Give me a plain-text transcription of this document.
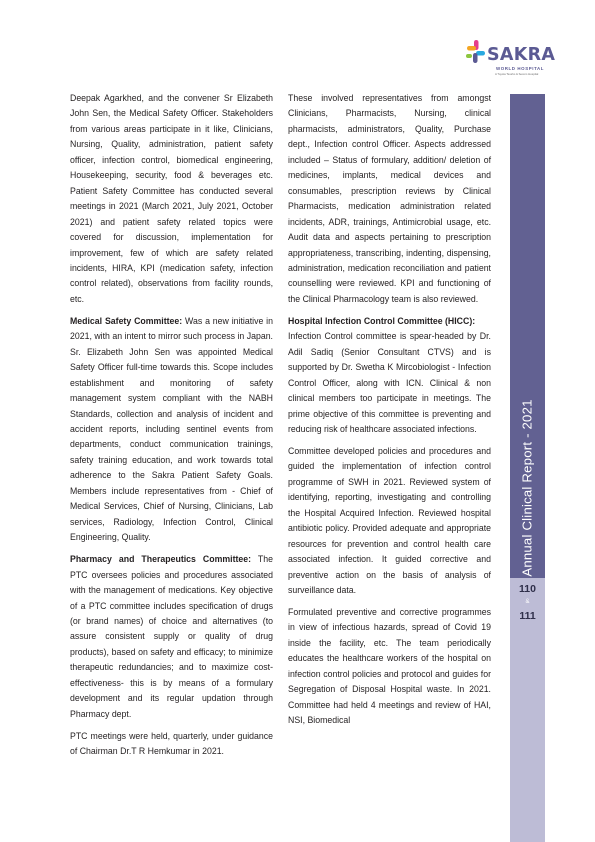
SAKRA
WORLD HOSPITAL
A Toyota Tsusho & Secom Hospital

Deepak Agarkhed, and the convener Sr Elizabeth John Sen, the Medical Safety Officer. Stakeholders from various areas participate in it like, Clinicians, Nursing, Quality, administration, patient safety officer, infection control, biomedical engineering, Housekeeping, security, food & beverages etc. Patient Safety Committee has conducted several meetings in 2021 (March 2021, July 2021, October 2021) and patient safety related topics were covered for discussion, implementation for improvement, few of which are safety related incidents, HIRA, KPI (medication safety, infection control related), observations from facility rounds, etc.

Medical Safety Committee: Was a new initiative in 2021, with an intent to mirror such process in Japan. Sr. Elizabeth John Sen was appointed Medical Safety Officer full-time towards this. Scope includes establishment and monitoring of safety management system compliant with the NABH Standards, collection and analysis of incident and accident reports, including sentinel events from departments, conduct communication trainings, safety training education, and work towards total adherence to the Sakra Patient Safety Goals. Members include representatives from - Chief of Medical Services, Chief of Nursing, Clinicians, Lab services, Radiology, Infection Control, Clinical Engineering, Quality.

Pharmacy and Therapeutics Committee: The PTC oversees policies and procedures associated with the management of medications. Key objective of a PTC committee includes specification of drugs (or brand names) of choice and alternatives (to assure consistent supply or quality of drug products), based on safety and efficacy; to minimize therapeutic redundancies; and to maximize cost-effectiveness- this is by means of a formulary development and its regular updation through Pharmacy dept.

PTC meetings were held, quarterly, under guidance of Chairman Dr.T R Hemkumar in 2021.

These involved representatives from amongst Clinicians, Pharmacists, Nursing, clinical pharmacists, administrators, Quality, Purchase dept., Infection control Officer. Aspects addressed included – Status of formulary, addition/ deletion of medicines, implants, medical devices and consumables, prescription reviews by Clinical Pharmacists, medication administration related incidents, ADR, trainings, Antimicrobial usage, etc. Audit data and aspects pertaining to prescription appropriateness, transcribing, indenting, dispensing, administration, medication reconciliation and patient counselling were reviewed. KPI and functioning of the Clinical Pharmacology team is also reviewed.

Hospital Infection Control Committee (HICC):
Infection Control committee is spear-headed by Dr. Adil Sadiq (Senior Consultant CTVS) and is supported by Dr. Swetha K Mircobiologist - Infection Control Officer, along with ICN. Clinical & non clinical members too participate in meetings. The prime objective of this committee is preventing and reducing risk of healthcare associated infections.

Committee developed policies and procedures and guided the implementation of infection control programme of SWH in 2021. Reviewed system of identifying, reporting, investigating and controlling the Hospital Acquired Infection. Reviewed hospital antibiotic policy. Provided adequate and appropriate resources for prevention and control health care associated infection. It guided corrective and preventive action on the basis of analysis of surveillance data.

Formulated preventive and corrective programmes in view of infectious hazards, spread of Covid 19 inside the facility, etc. The team periodically educates the healthcare workers of the hospital on infection control policies and protocol and guides for Segregation of Disposal Hospital waste. In 2021. Committee had held 4 meetings and review of HAI, NSI, Biomedical

Annual Clinical Report - 2021
110
&
111
